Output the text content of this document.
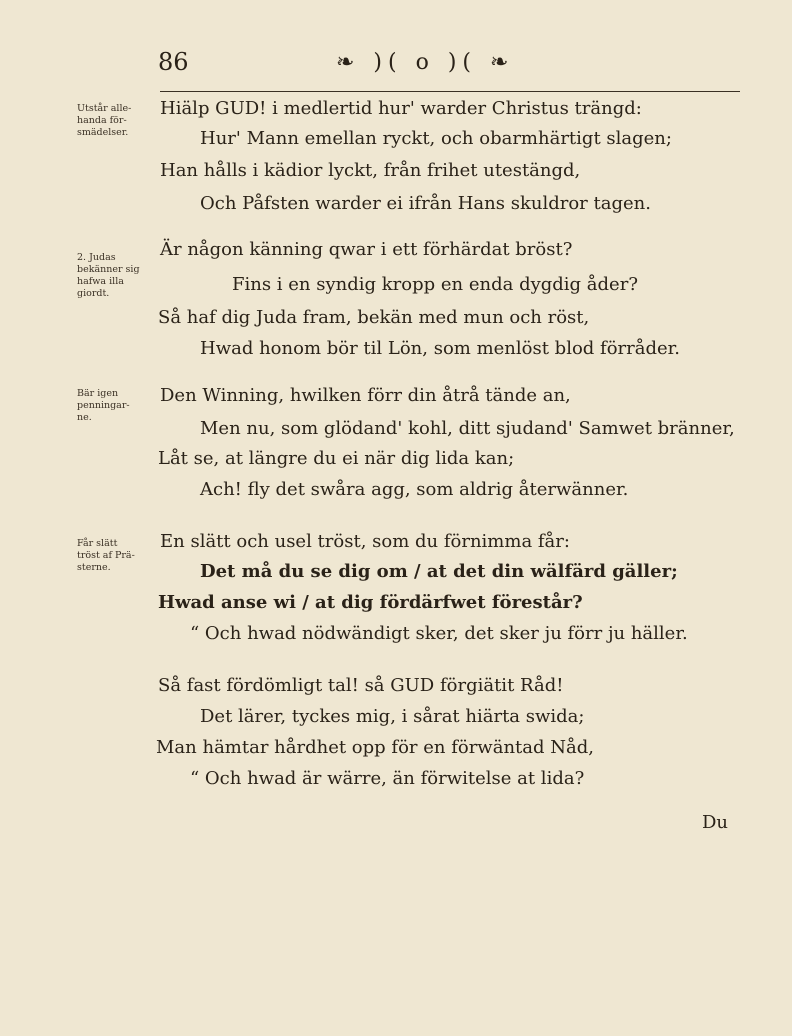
86	❧ )( o )( ❧
Utstår alle-
handa för-
smädelser.
2. Judas
bekänner sig
hafwa illa
giordt.
Bär igen
penningar-
ne.
Får slätt
tröst af Prä-
sterne.
Hiälp GUD! i medlertid hur' warder Christus trängd:
Hur' Mann emellan ryckt, och obarmhärtigt slagen;
Han hålls i kädior lyckt, från frihet utestängd,
Och Påfsten warder ei ifrån Hans skuldror tagen.
Är någon känning qwar i ett förhärdat bröst?
Fins i en syndig kropp en enda dygdig åder?
Så haf dig Juda fram, bekän med mun och röst,
Hwad honom bör til Lön, som menlöst blod förråder.
Den Winning, hwilken förr din åtrå tände an,
Men nu, som glödand' kohl, ditt sjudand' Samwet bränner,
Låt se, at längre du ei när dig lida kan;
Ach! fly det swåra agg, som aldrig återwänner.
En slätt och usel tröst, som du förnimma får:
Det må du se dig om / at det din wälfärd gäller;
Hwad anse wi / at dig fördärfwet förestår?
“ Och hwad nödwändigt sker, det sker ju förr ju häller.
Så fast fördömligt tal! så GUD förgiätit Råd!
Det lärer, tyckes mig, i sårat hiärta swida;
Man hämtar hårdhet opp för en förwäntad Nåd,
“ Och hwad är wärre, än förwitelse at lida?
Du
